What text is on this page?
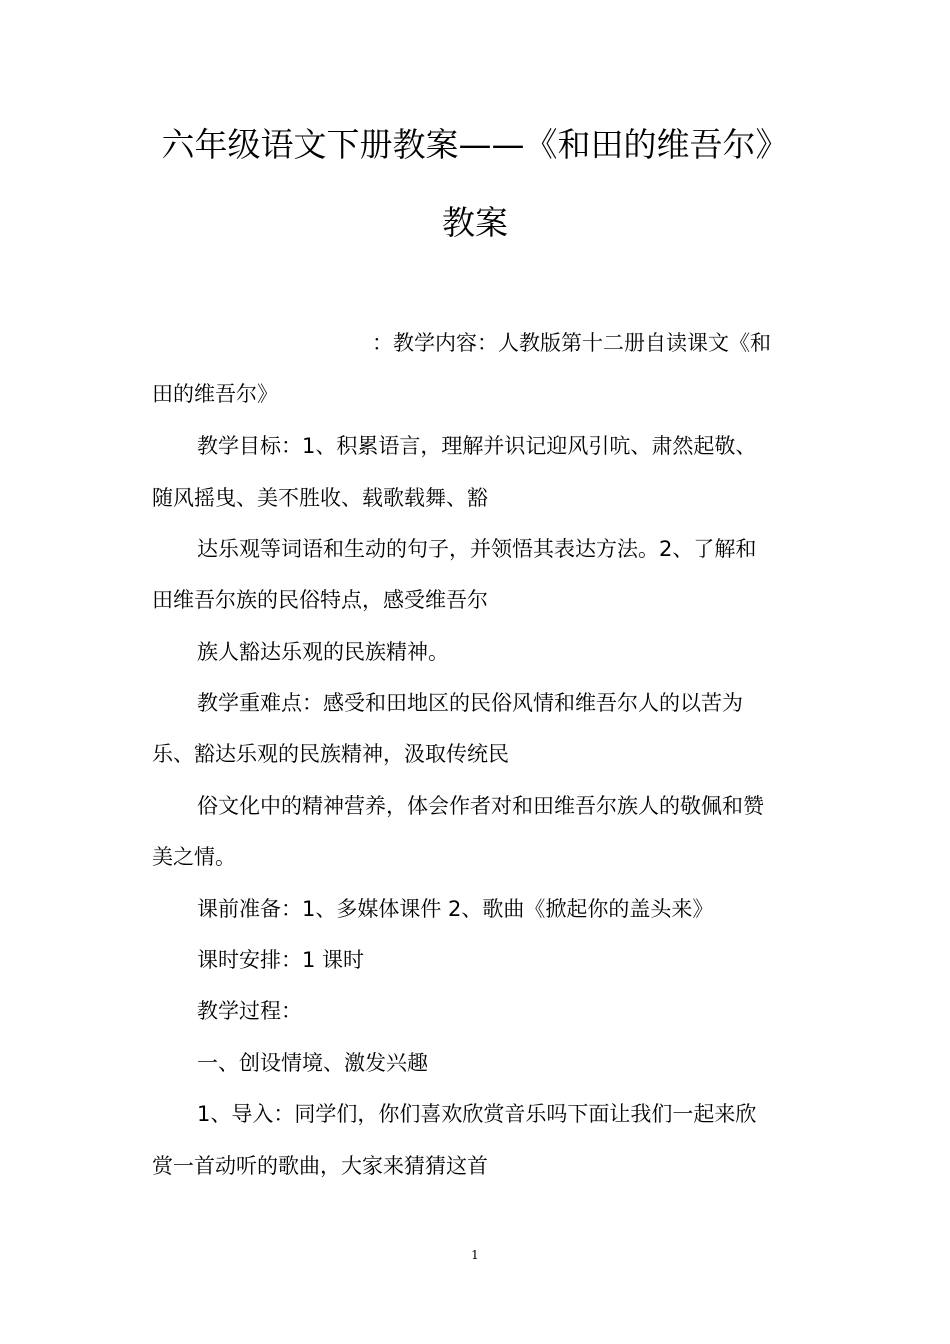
六年级语文下册教案——《和田的维吾尔》
教案
：教学内容：人教版第十二册自读课文《和
田的维吾尔》
教学目标：1、积累语言，理解并识记迎风引吭、肃然起敬、
随风摇曳、美不胜收、载歌载舞、豁
达乐观等词语和生动的句子，并领悟其表达方法。2、了解和
田维吾尔族的民俗特点，感受维吾尔
族人豁达乐观的民族精神。
教学重难点：感受和田地区的民俗风情和维吾尔人的以苦为
乐、豁达乐观的民族精神，汲取传统民
俗文化中的精神营养，体会作者对和田维吾尔族人的敬佩和赞
美之情。
课前准备：1、多媒体课件 2、歌曲《掀起你的盖头来》
课时安排：1 课时
教学过程：
一、创设情境、激发兴趣
1、导入：同学们，你们喜欢欣赏音乐吗下面让我们一起来欣
赏一首动听的歌曲，大家来猜猜这首
1
